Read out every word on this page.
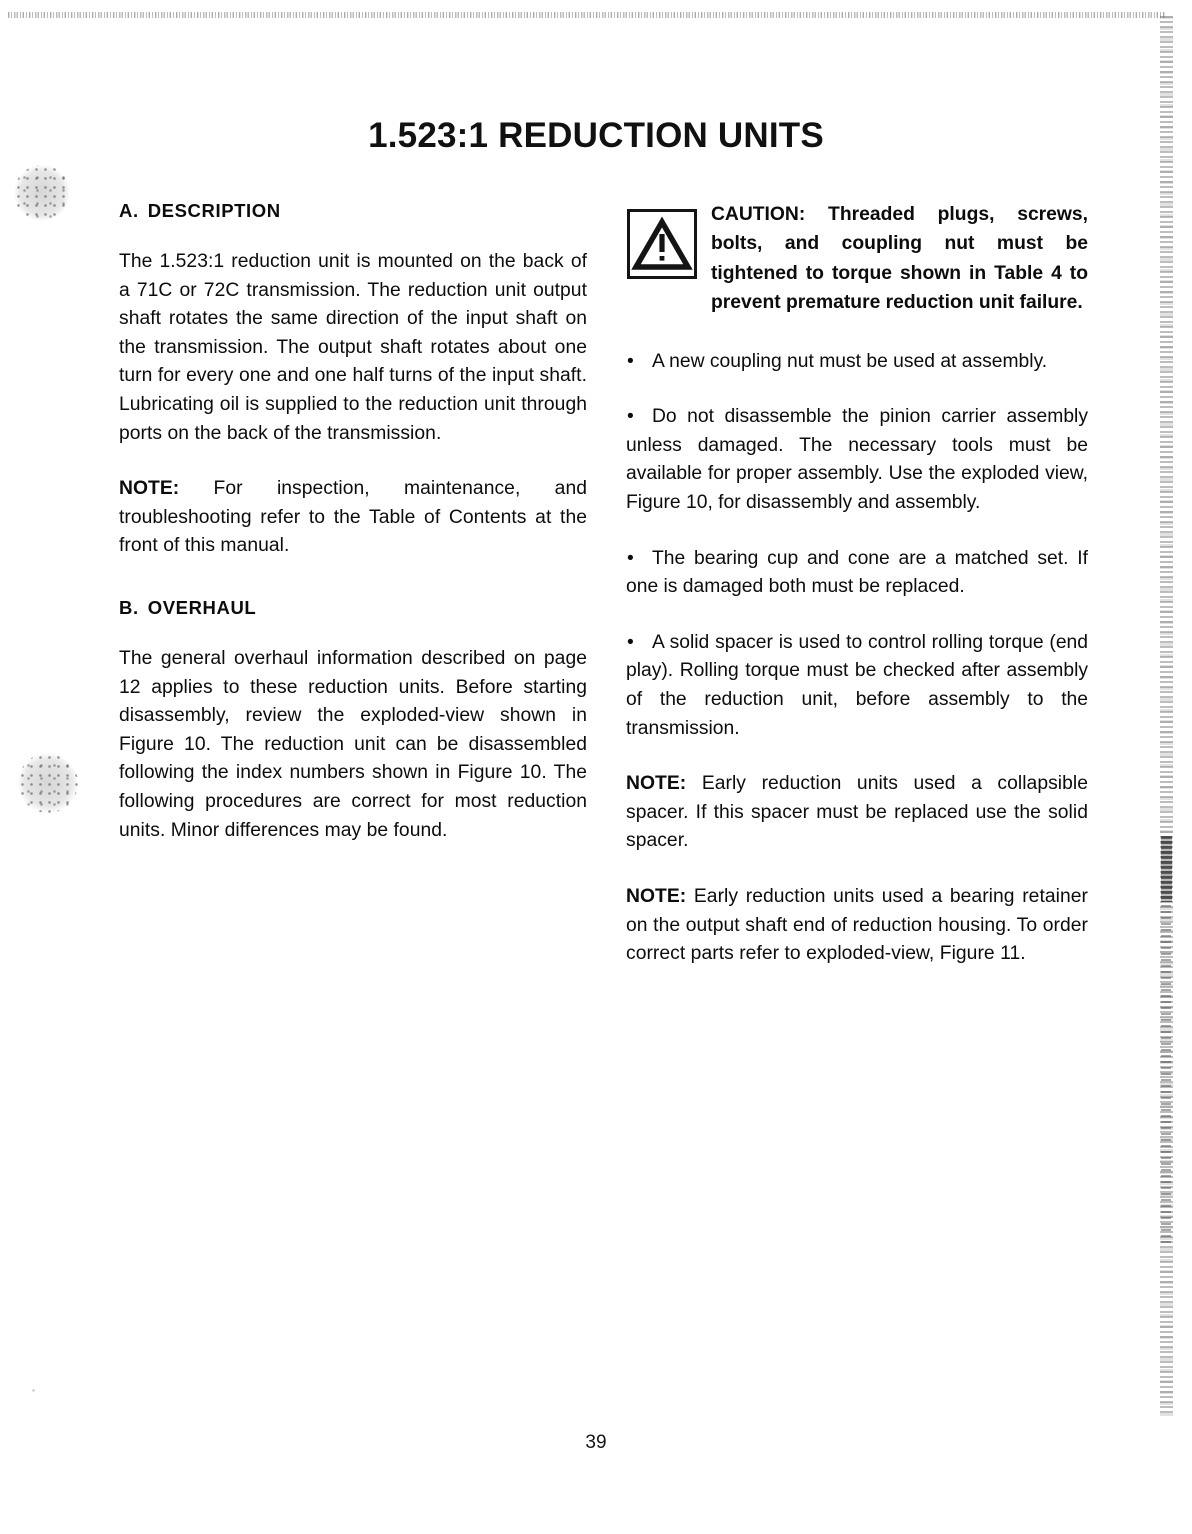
1.523:1 REDUCTION UNITS
A. DESCRIPTION

The 1.523:1 reduction unit is mounted on the back of a 71C or 72C transmission. The reduction unit output shaft rotates the same direction of the input shaft on the transmission. The output shaft rotates about one turn for every one and one half turns of the input shaft. Lubricating oil is supplied to the reduction unit through ports on the back of the transmission.

NOTE: For inspection, maintenance, and troubleshooting refer to the Table of Contents at the front of this manual.

B. OVERHAUL

The general overhaul information described on page 12 applies to these reduction units. Before starting disassembly, review the exploded-view shown in Figure 10. The reduction unit can be disassembled following the index numbers shown in Figure 10. The following procedures are correct for most reduction units. Minor differences may be found.

CAUTION: Threaded plugs, screws, bolts, and coupling nut must be tightened to torque shown in Table 4 to prevent premature reduction unit failure.
• A new coupling nut must be used at assembly.
• Do not disassemble the pinion carrier assembly unless damaged. The necessary tools must be available for proper assembly. Use the exploded view, Figure 10, for disassembly and assembly.
• The bearing cup and cone are a matched set. If one is damaged both must be replaced.
• A solid spacer is used to control rolling torque (end play). Rolling torque must be checked after assembly of the reduction unit, before assembly to the transmission.

NOTE: Early reduction units used a collapsible spacer. If this spacer must be replaced use the solid spacer.

NOTE: Early reduction units used a bearing retainer on the output shaft end of reduction housing. To order correct parts refer to exploded-view, Figure 11.

39
